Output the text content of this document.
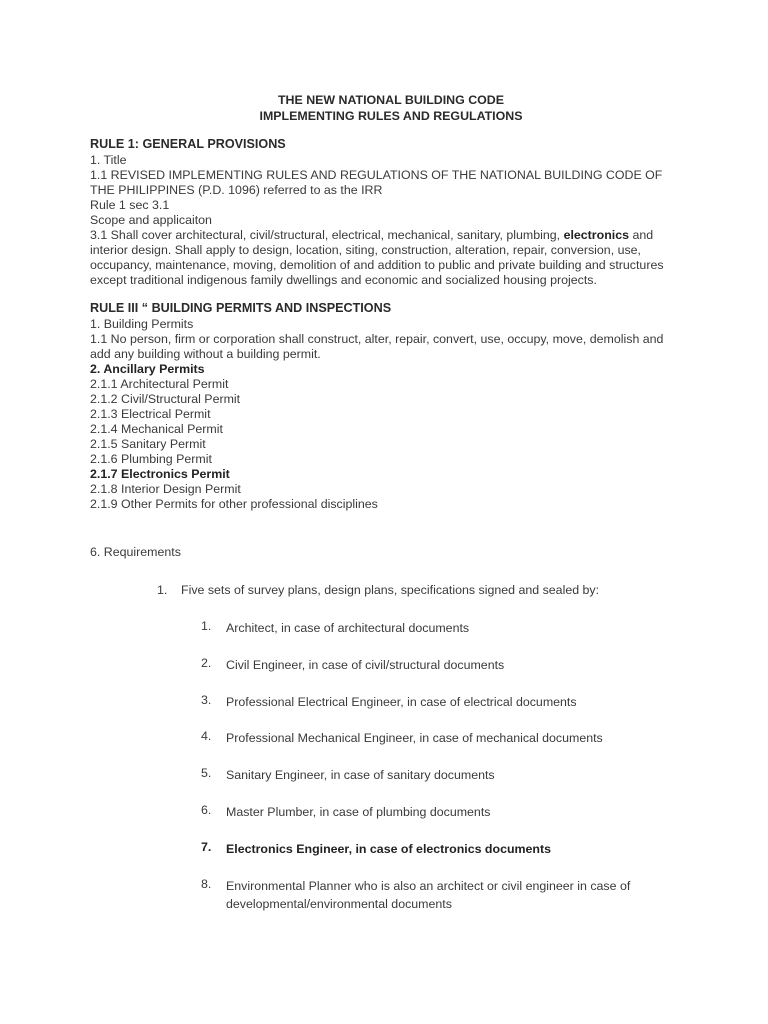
THE NEW NATIONAL BUILDING CODE
IMPLEMENTING RULES AND REGULATIONS
RULE 1: GENERAL PROVISIONS
1. Title
1.1 REVISED IMPLEMENTING RULES AND REGULATIONS OF THE NATIONAL BUILDING CODE OF
THE PHILIPPINES (P.D. 1096) referred to as the IRR
Rule 1 sec 3.1
Scope and applicaiton
3.1 Shall cover architectural, civil/structural, electrical, mechanical, sanitary, plumbing, electronics and
interior design. Shall apply to design, location, siting, construction, alteration, repair, conversion, use,
occupancy, maintenance, moving, demolition of and addition to public and private building and structures
except traditional indigenous family dwellings and economic and socialized housing projects.
RULE III “ BUILDING PERMITS AND INSPECTIONS
1. Building Permits
1.1 No person, firm or corporation shall construct, alter, repair, convert, use, occupy, move, demolish and
add any building without a building permit.
2. Ancillary Permits
2.1.1 Architectural Permit
2.1.2 Civil/Structural Permit
2.1.3 Electrical Permit
2.1.4 Mechanical Permit
2.1.5 Sanitary Permit
2.1.6 Plumbing Permit
2.1.7 Electronics Permit
2.1.8 Interior Design Permit
2.1.9 Other Permits for other professional disciplines
6. Requirements
1. Five sets of survey plans, design plans, specifications signed and sealed by:
1.	Architect, in case of architectural documents
2.	Civil Engineer, in case of civil/structural documents
3.	Professional Electrical Engineer, in case of electrical documents
4.	Professional Mechanical Engineer, in case of mechanical documents
5.	Sanitary Engineer, in case of sanitary documents
6.	Master Plumber, in case of plumbing documents
7.	Electronics Engineer, in case of electronics documents
8.	Environmental Planner who is also an architect or civil engineer in case of developmental/environmental documents
